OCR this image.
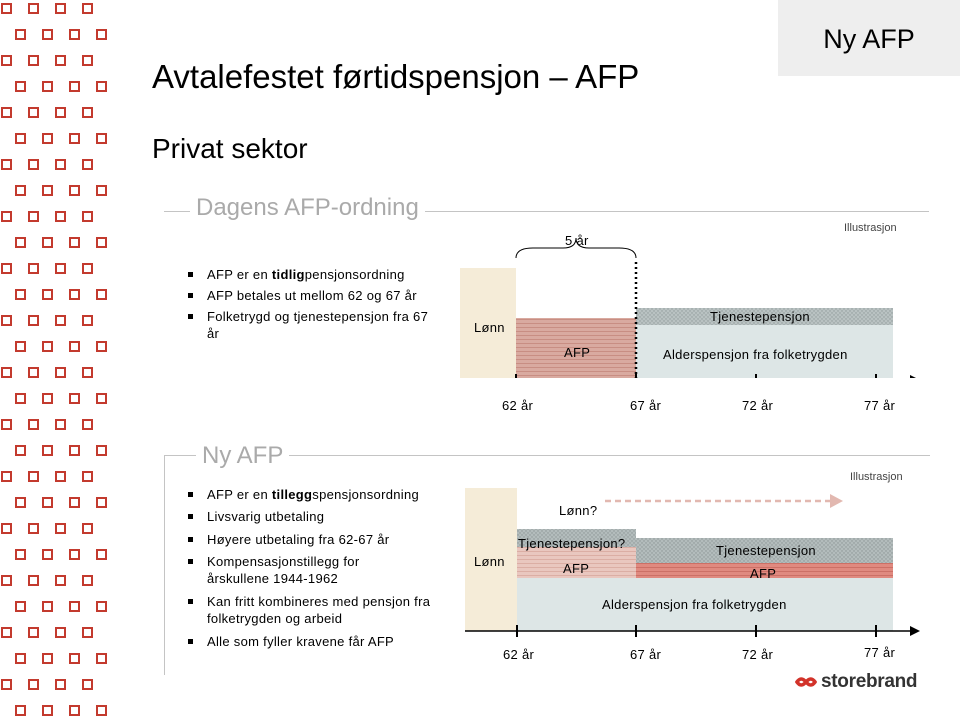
Ny AFP
Avtalefestet førtidspensjon – AFP
Privat sektor
Dagens AFP-ordning
Illustrasjon
AFP er en tidligpensjonsordning
AFP betales ut mellom 62 og 67 år
Folketrygd og tjenestepensjon fra 67 år
5 år
Lønn
AFP
Tjenestepensjon
Alderspensjon fra folketrygden
62 år	67 år	72 år	77 år
Ny AFP
Illustrasjon
AFP er en tilleggspensjonsordning
Livsvarig utbetaling
Høyere utbetaling fra 62-67 år
Kompensasjonstillegg for årskullene 1944-1962
Kan fritt kombineres med pensjon fra folketrygden og arbeid
Alle som fyller kravene får AFP
Lønn?
Lønn
Tjenestepensjon?
AFP
Tjenestepensjon
AFP
Alderspensjon fra folketrygden
62 år	67 år	72 år	77 år
storebrand
